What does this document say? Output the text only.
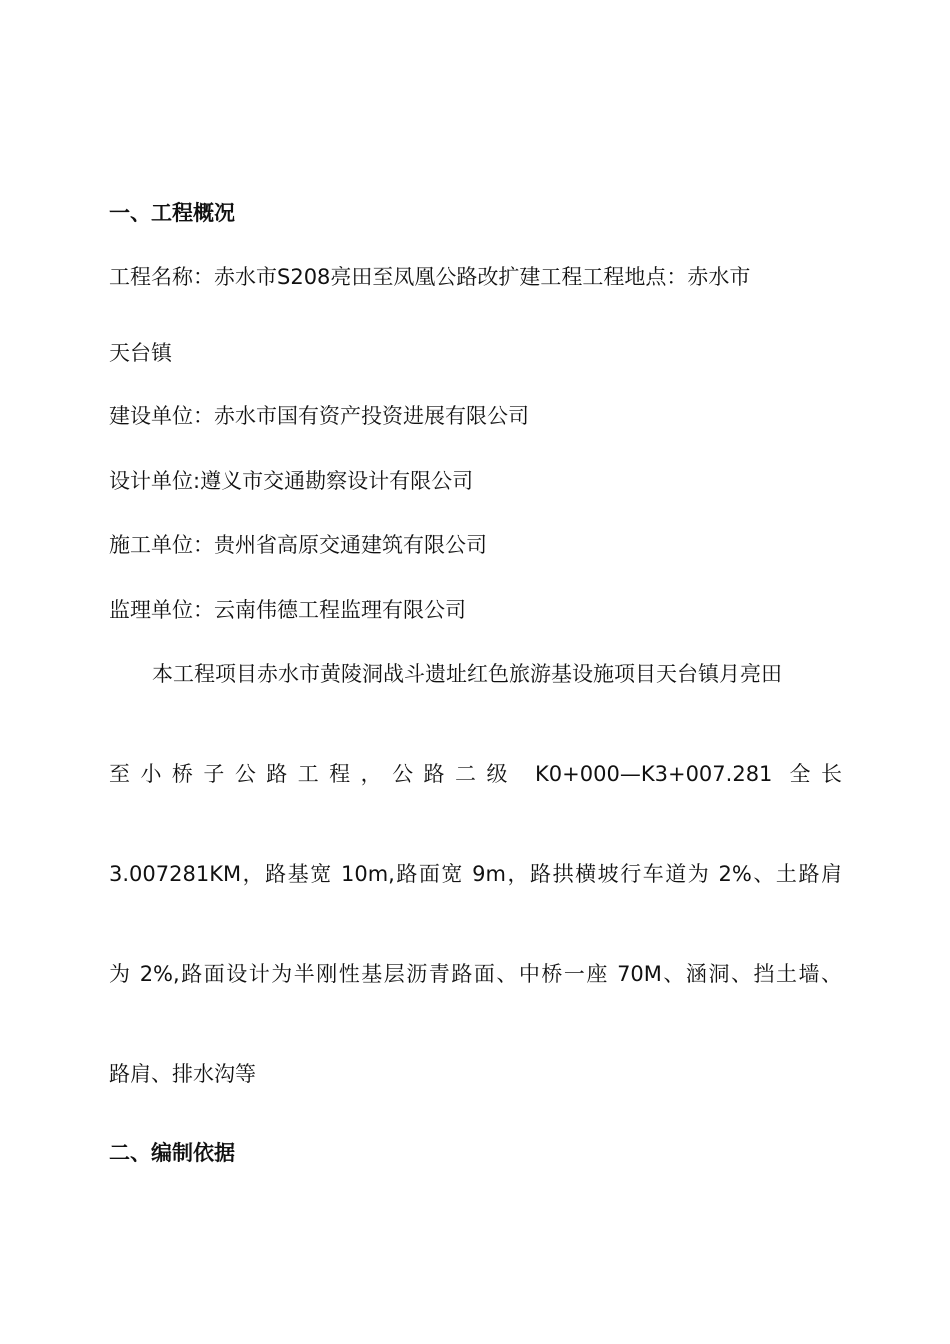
一、工程概况

工程名称：赤水市S208亮田至凤凰公路改扩建工程工程地点：赤水市

天台镇

建设单位：赤水市国有资产投资进展有限公司

设计单位:遵义市交通勘察设计有限公司

施工单位：贵州省高原交通建筑有限公司

监理单位：云南伟德工程监理有限公司

本工程项目赤水市黄陵洞战斗遗址红色旅游基设施项目天台镇月亮田

至小桥子公路工程，公路二级 K0+000—K3+007.281 全长

3.007281KM，路基宽 10m,路面宽 9m，路拱横坡行车道为 2%、土路肩

为 2%,路面设计为半刚性基层沥青路面、中桥一座 70M、涵洞、挡土墙、

路肩、排水沟等

二、编制依据
